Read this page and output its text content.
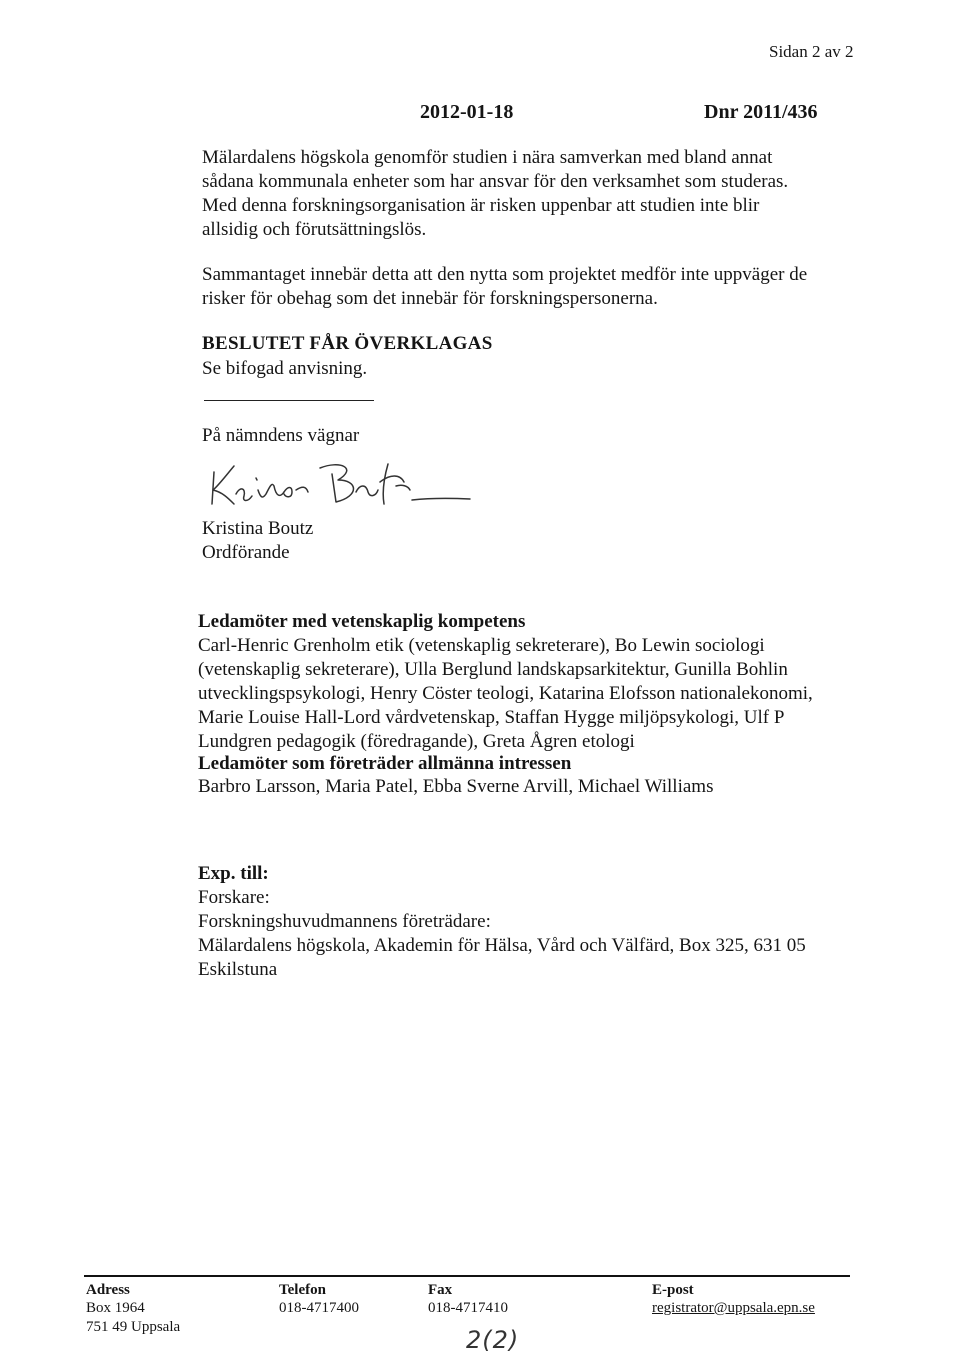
Sidan 2 av 2
2012-01-18	Dnr 2011/436
Mälardalens högskola genomför studien i nära samverkan med bland annat
sådana kommunala enheter som har ansvar för den verksamhet som studeras.
Med denna forskningsorganisation är risken uppenbar att studien inte blir
allsidig och förutsättningslös.
Sammantaget innebär detta att den nytta som projektet medför inte uppväger de
risker för obehag som det innebär för forskningspersonerna.
BESLUTET FÅR ÖVERKLAGAS
Se bifogad anvisning.
På nämndens vägnar
Kristina Boutz
Ordförande
Ledamöter med vetenskaplig kompetens
Carl-Henric Grenholm etik (vetenskaplig sekreterare), Bo Lewin sociologi
(vetenskaplig sekreterare), Ulla Berglund landskapsarkitektur, Gunilla Bohlin
utvecklingspsykologi, Henry Cöster teologi, Katarina Elofsson nationalekonomi,
Marie Louise Hall-Lord vårdvetenskap, Staffan Hygge miljöpsykologi, Ulf P
Lundgren pedagogik (föredragande), Greta Ågren etologi
Ledamöter som företräder allmänna intressen
Barbro Larsson, Maria Patel, Ebba Sverne Arvill, Michael Williams
Exp. till:
Forskare:
Forskningshuvudmannens företrädare:
Mälardalens högskola, Akademin för Hälsa, Vård och Välfärd, Box 325, 631 05
Eskilstuna
Adress
Box 1964
751 49 Uppsala
Telefon
018-4717400
Fax
018-4717410
E-post
registrator@uppsala.epn.se
2(2)
